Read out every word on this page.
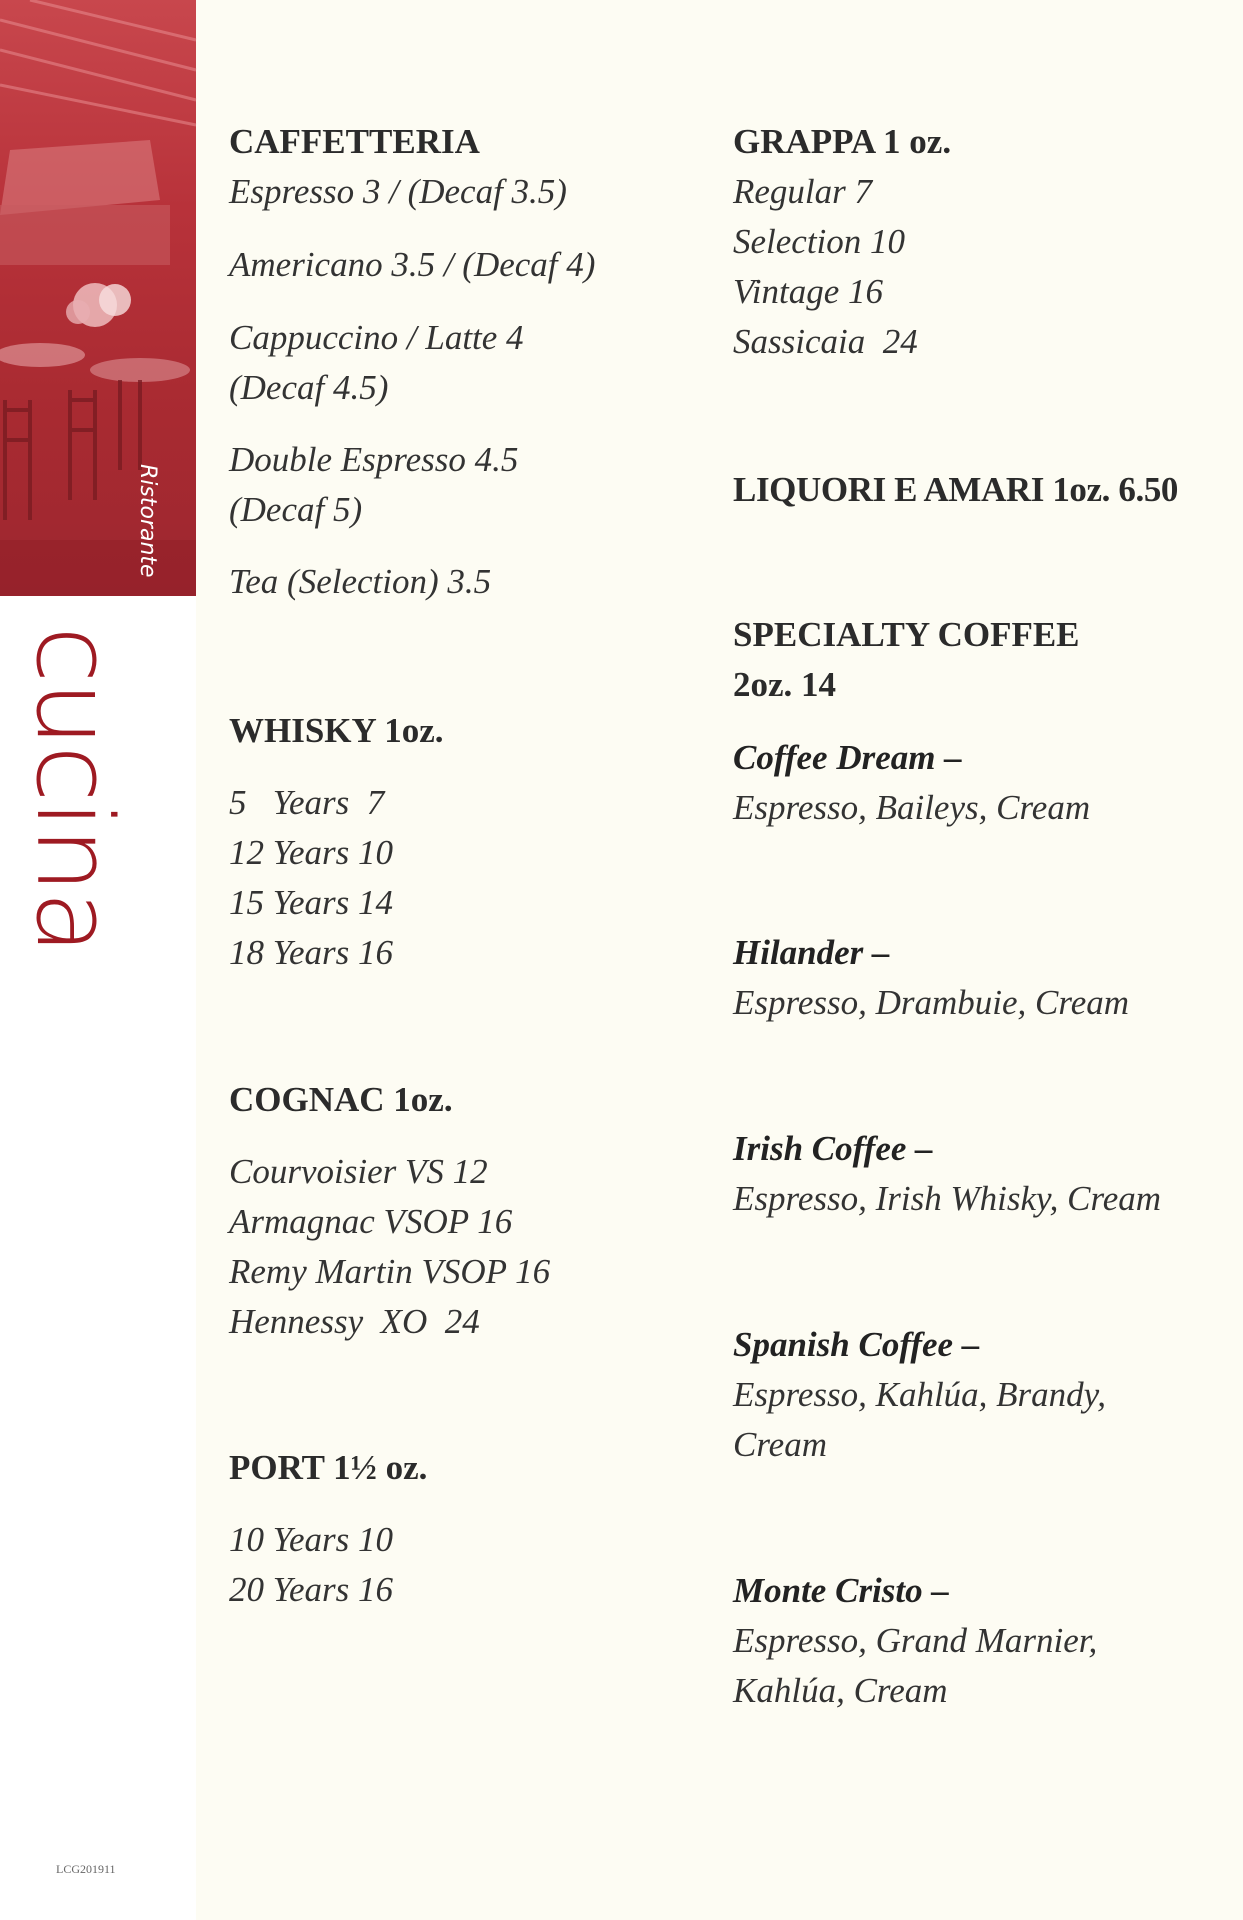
Ristorante
cucina
LCG201911
CAFFETTERIA
Espresso 3 / (Decaf 3.5)
Americano 3.5 / (Decaf 4)
Cappuccino / Latte 4
(Decaf 4.5)
Double Espresso 4.5
(Decaf 5)
Tea (Selection) 3.5
WHISKY 1oz.
5   Years  7
12 Years 10
15 Years 14
18 Years 16
COGNAC 1oz.
Courvoisier VS 12
Armagnac VSOP 16
Remy Martin VSOP 16
Hennessy  XO  24
PORT 1½ oz.
10 Years 10
20 Years 16
GRAPPA 1 oz.
Regular 7
Selection 10
Vintage 16
Sassicaia  24
LIQUORI E AMARI 1oz. 6.50
SPECIALTY COFFEE
2oz. 14
Coffee Dream –
Espresso, Baileys, Cream
Hilander –
Espresso, Drambuie, Cream
Irish Coffee –
Espresso, Irish Whisky, Cream
Spanish Coffee –
Espresso, Kahlúa, Brandy,
Cream
Monte Cristo –
Espresso, Grand Marnier,
Kahlúa, Cream
